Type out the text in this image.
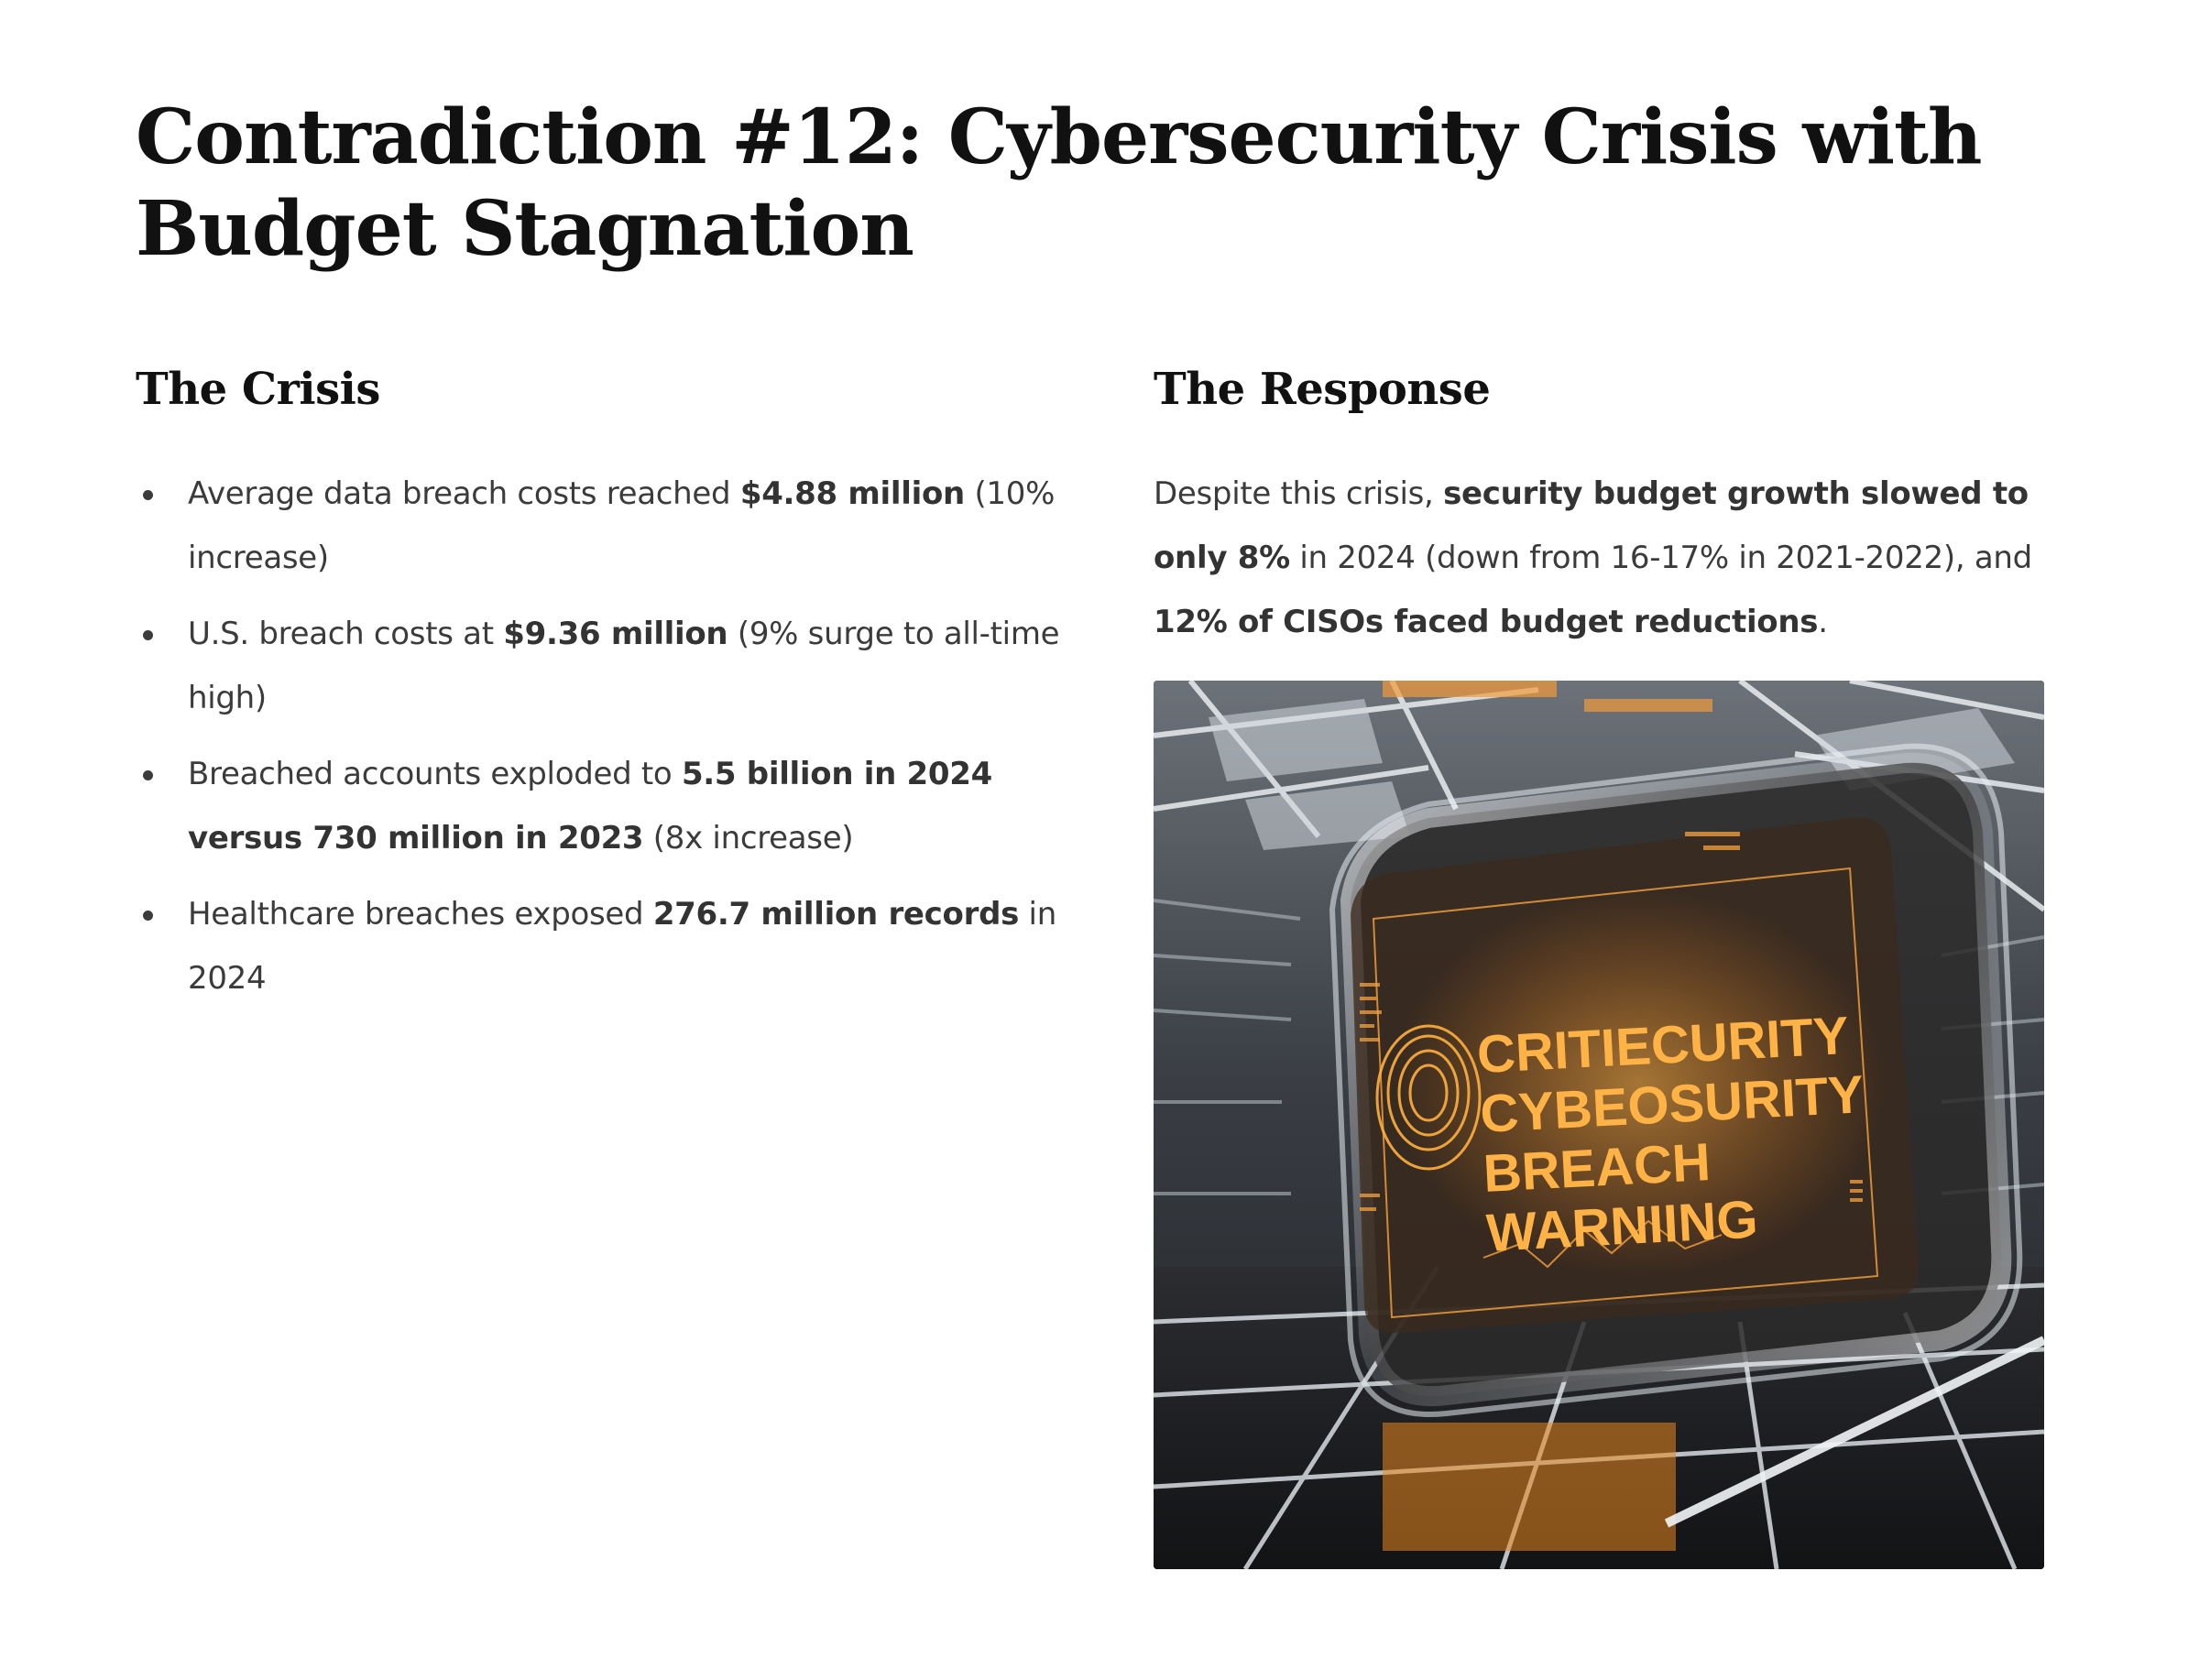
Contradiction #12: Cybersecurity Crisis with Budget Stagnation
The Crisis
Average data breach costs reached $4.88 million (10% increase)
U.S. breach costs at $9.36 million (9% surge to all-time high)
Breached accounts exploded to 5.5 billion in 2024 versus 730 million in 2023 (8x increase)
Healthcare breaches exposed 276.7 million records in 2024
The Response

Despite this crisis, security budget growth slowed to only 8% in 2024 (down from 16-17% in 2021-2022), and 12% of CISOs faced budget reductions.

CRITIECURITY
CYBEOSURITY
BREACH
WARNIING
